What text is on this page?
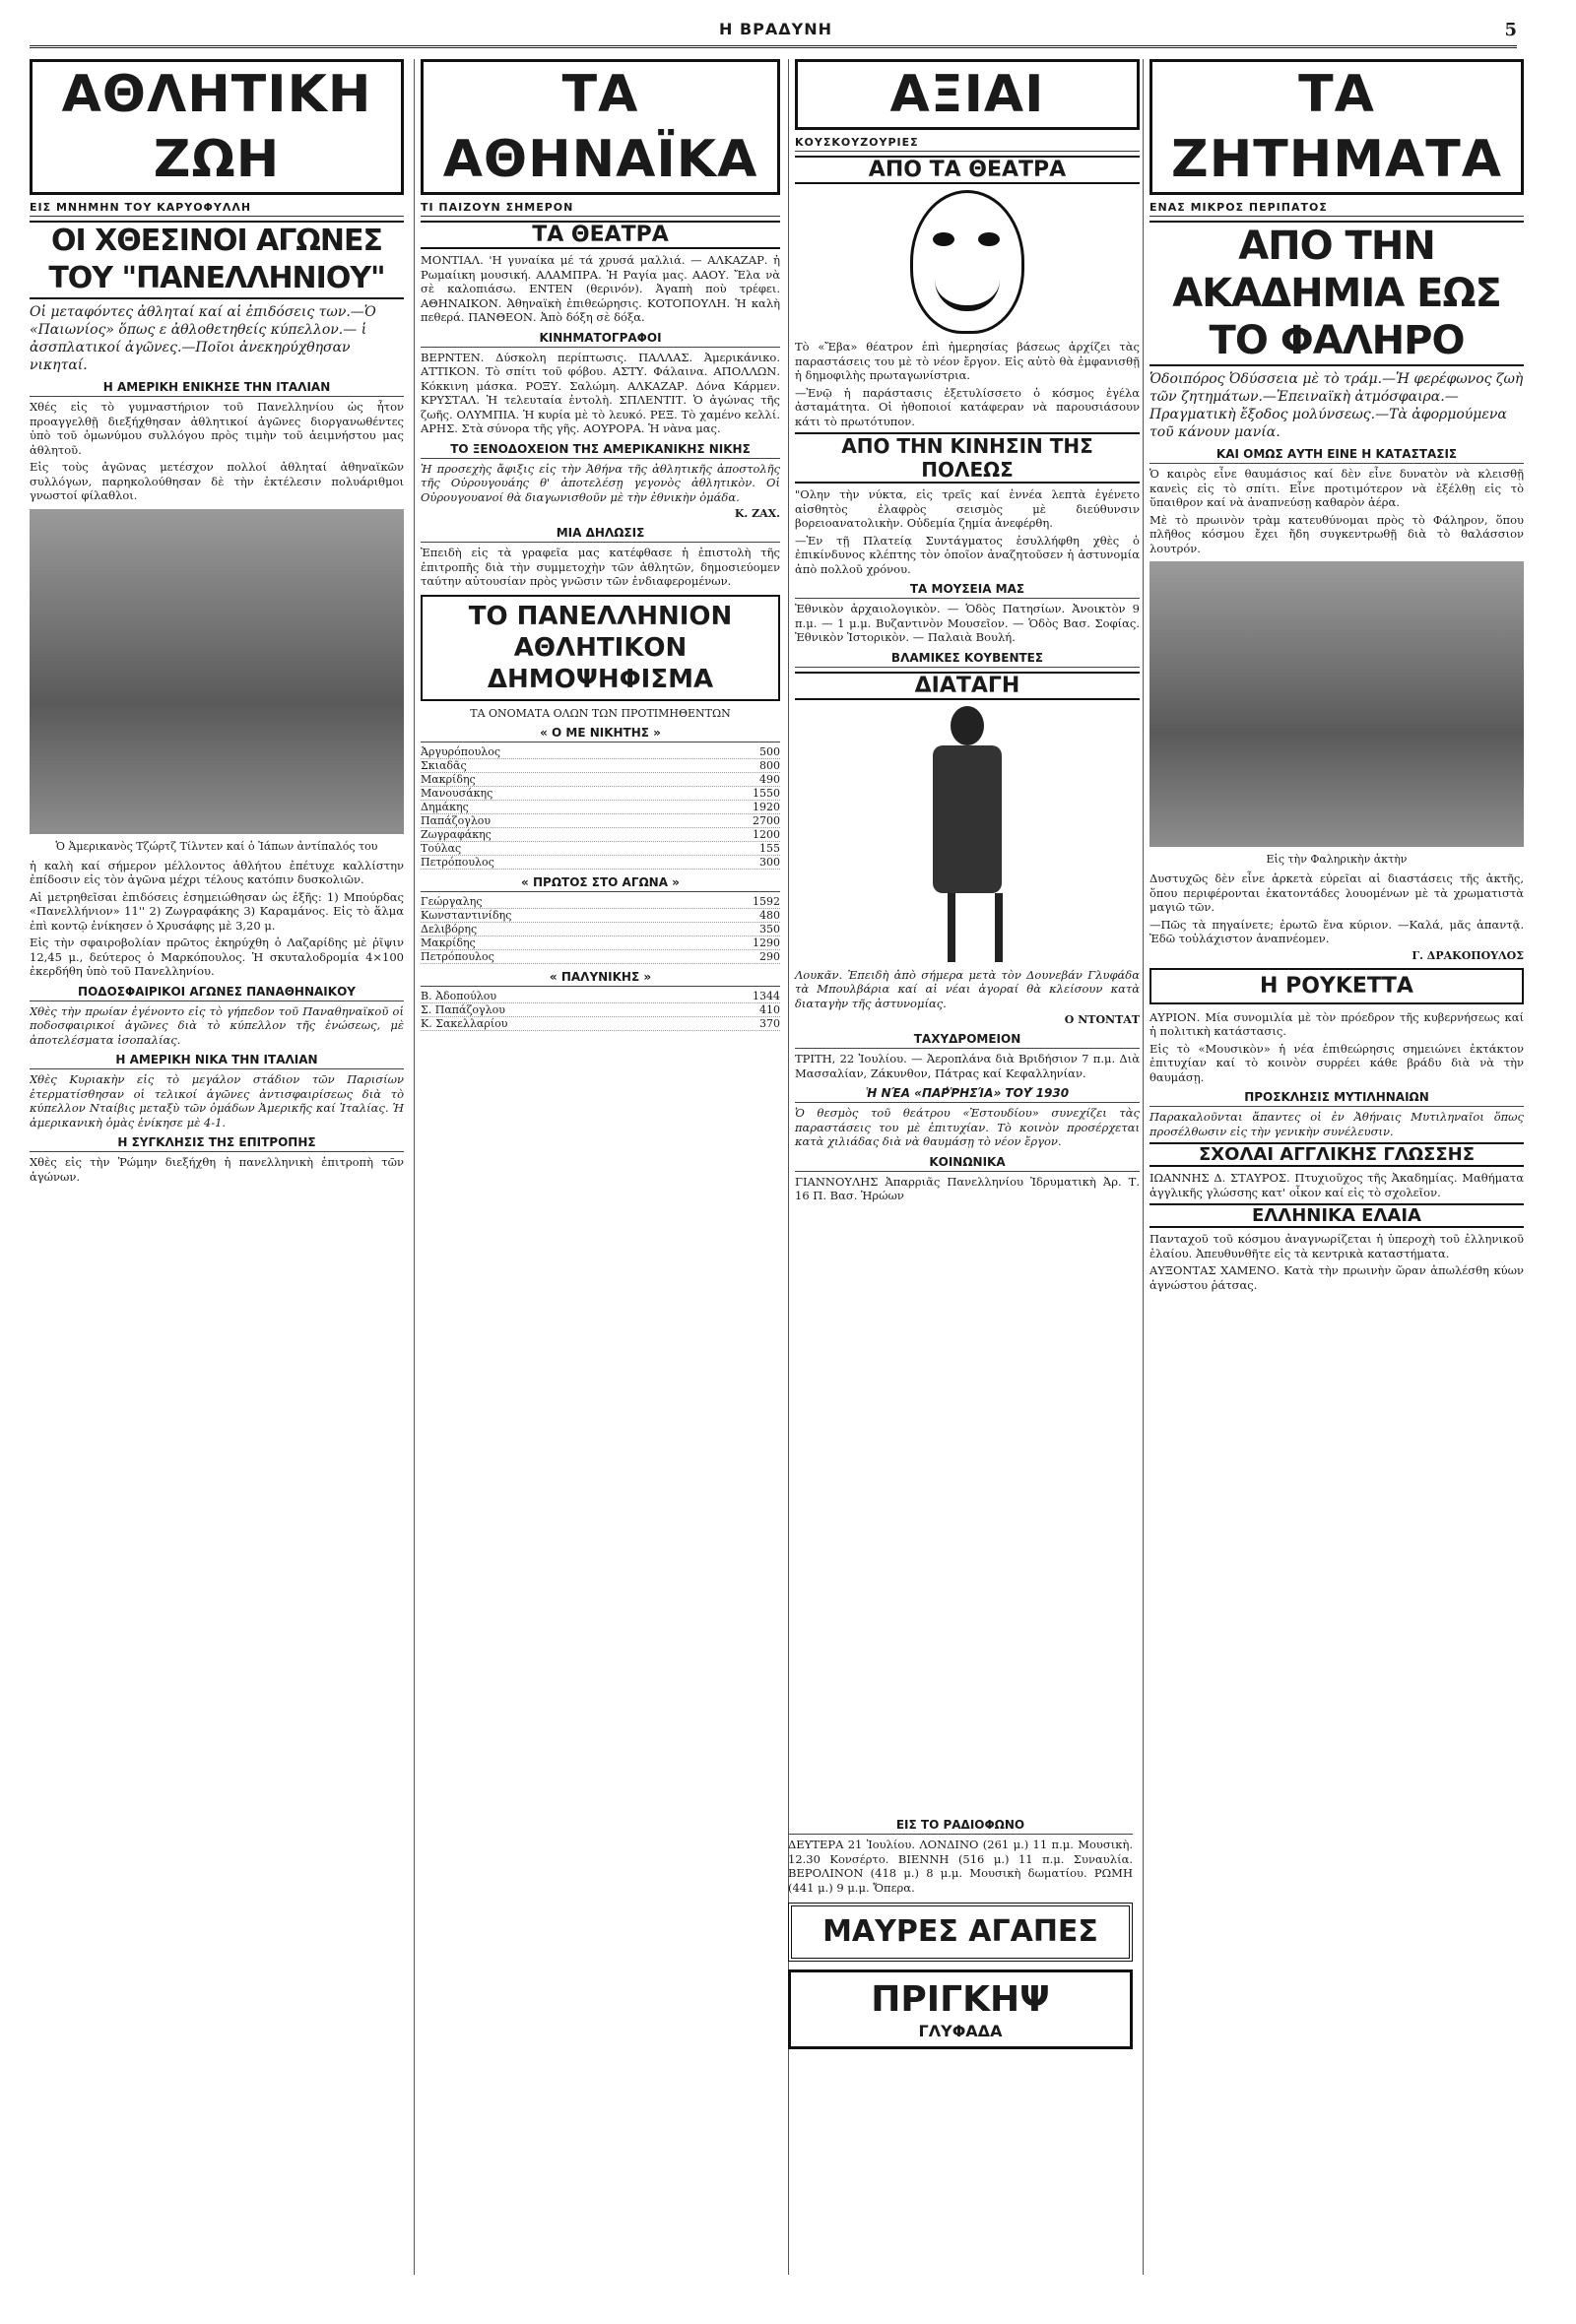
Η ΒΡΑΔΥΝΗ	5
ΑΘΛΗΤΙΚΗ ΖΩΗ
ΕΙΣ ΜΝΗΜΗΝ ΤΟΥ ΚΑΡΥΟΦΥΛΛΗ
ΟΙ ΧΘΕΣΙΝΟΙ ΑΓΩΝΕΣ ΤΟΥ "ΠΑΝΕΛΛΗΝΙΟΥ"
Οἱ μεταφόντες ἀθληταί καί αἱ ἐπιδόσεις των.—Ὁ «Παιωνίος» ὅπως ε ἀθλοθετηθείς κύπελλον.— ἱ ἀσσπλατικοί ἀγῶνες.—Ποῖοι ἀνεκηρύχθησαν νικηταί.
Η ΑΜΕΡΙΚΗ ΕΝΙΚΗΣΕ ΤΗΝ ΙΤΑΛΙΑΝ
Χθές εἰς τὸ γυμναστήριον τοῦ Πανελληνίου ὡς ἦτον προαγγελθῇ διεξήχθησαν ἀθλητικοί ἀγῶνες διοργανωθέντες ὑπὸ τοῦ ὁμωνύμου συλλόγου πρὸς τιμὴν τοῦ ἀειμνήστου μας ἀθλητοῦ.
Εἰς τοὺς ἀγῶνας μετέσχον πολλοί ἀθληταί ἀθηναϊκῶν συλλόγων, παρηκολούθησαν δὲ τὴν ἐκτέλεσιν πολυάριθμοι γνωστοί φίλαθλοι.
Ὁ Ἀμερικανὸς Τζώρτζ Τίλντεν καί ὁ Ἰάπων ἀντίπαλός του
ἡ καλὴ καί σήμερον μέλλοντος ἀθλήτου ἐπέτυχε καλλίστην ἐπίδοσιν εἰς τὸν ἀγῶνα μέχρι τέλους κατόπιν δυσκολιῶν.
Αἱ μετρηθεῖσαι ἐπιδόσεις ἐσημειώθησαν ὡς ἑξῆς: 1) Μπούρδας «Πανελλήνιον» 11'' 2) Ζωγραφάκης 3) Καραμάνος. Εἰς τὸ ἅλμα ἐπὶ κοντῷ ἐνίκησεν ὁ Χρυσάφης μὲ 3,20 μ.
Εἰς τὴν σφαιροβολίαν πρῶτος ἐκηρύχθη ὁ Λαζαρίδης μὲ ῥῖψιν 12,45 μ., δεύτερος ὁ Μαρκόπουλος. Ἡ σκυταλοδρομία 4×100 ἐκερδήθη ὑπὸ τοῦ Πανελληνίου.
ΠΟΔΟΣΦΑΙΡΙΚΟΙ ΑΓΩΝΕΣ ΠΑΝΑΘΗΝΑΙΚΟΥ
Χθὲς τὴν πρωίαν ἐγένοντο εἰς τὸ γήπεδον τοῦ Παναθηναϊκοῦ οἱ ποδοσφαιρικοί ἀγῶνες διὰ τὸ κύπελλον τῆς ἑνώσεως, μὲ ἀποτελέσματα ἰσοπαλίας.
Η ΑΜΕΡΙΚΗ ΝΙΚΑ ΤΗΝ ΙΤΑΛΙΑΝ
Χθὲς Κυριακὴν εἰς τὸ μεγάλον στάδιον τῶν Παρισίων ἐτερματίσθησαν οἱ τελικοί ἀγῶνες ἀντισφαιρίσεως διὰ τὸ κύπελλον Νταίβις μεταξὺ τῶν ὁμάδων Ἀμερικῆς καί Ἰταλίας. Ἡ ἀμερικανικὴ ὁμὰς ἐνίκησε μὲ 4-1.
Η ΣΥΓΚΛΗΣΙΣ ΤΗΣ ΕΠΙΤΡΟΠΗΣ
Χθὲς εἰς τὴν Ῥώμην διεξήχθη ἡ πανελληνικὴ ἐπιτροπὴ τῶν ἀγώνων.
ΤΑ ΑΘΗΝΑΪΚΑ
ΤΙ ΠΑΙΖΟΥΝ ΣΗΜΕΡΟΝ
ΤΑ ΘΕΑΤΡΑ
ΜΟΝΤΙΑΛ. 'Η γυναίκα μέ τά χρυσά μαλλιά. — ΑΛΚΑΖΑΡ. ἡ Ρωμαίικη μουσική. ΑΛΑΜΠΡΑ. Ἡ Ραγία μας. ΑΑΟΥ. Ἔλα νὰ σὲ καλοπιάσω. ΕΝΤΕΝ (θερινόν). Ἀγαπὴ ποὺ τρέφει. ΑΘΗΝΑΙΚΟΝ. Ἀθηναϊκὴ ἐπιθεώρησις. ΚΟΤΟΠΟΥΛΗ. Ἡ καλὴ πεθερά. ΠΑΝΘΕΟΝ. Ἀπὸ δόξη σὲ δόξα.
ΚΙΝΗΜΑΤΟΓΡΑΦΟΙ
ΒΕΡΝΤΕΝ. Δύσκολη περίπτωσις. ΠΑΛΛΑΣ. Ἀμερικάνικο. ΑΤΤΙΚΟΝ. Τὸ σπίτι τοῦ φόβου. ΑΣΤΥ. Φάλαινα. ΑΠΟΛΛΩΝ. Κόκκινη μάσκα. ΡΟΞΥ. Σαλώμη. ΑΛΚΑΖΑΡ. Δόνα Κάρμεν. ΚΡΥΣΤΑΛ. Ἡ τελευταία ἐντολὴ. ΣΠΛΕΝΤΙΤ. Ὁ ἀγώνας τῆς ζωῆς. ΟΛΥΜΠΙΑ. Ἡ κυρία μὲ τὸ λευκό. ΡΕΞ. Τὸ χαμένο κελλί. ΑΡΗΣ. Στὰ σύνορα τῆς γῆς. ΑΟΥΡΟΡΑ. Ἡ νὰνα μας.
ΤΟ ΞΕΝΟΔΟΧΕΙΟΝ ΤΗΣ ΑΜΕΡΙΚΑΝΙΚΗΣ ΝΙΚΗΣ
Ἡ προσεχὴς ἄφιξις εἰς τὴν Ἀθήνα τῆς ἀθλητικῆς ἀποστολῆς τῆς Οὐρουγουάης θ' ἀποτελέσῃ γεγονὸς ἀθλητικὸν. Οἱ Οὐρουγουανοί θὰ διαγωνισθοῦν μὲ τὴν ἐθνικὴν ὁμάδα.
Κ. ΖΑΧ.
ΜΙΑ ΔΗΛΩΣΙΣ
Ἐπειδὴ εἰς τὰ γραφεῖα μας κατέφθασε ἡ ἐπιστολὴ τῆς ἐπιτροπῆς διὰ τὴν συμμετοχὴν τῶν ἀθλητῶν, δημοσιεύομεν ταύτην αὐτουσίαν πρὸς γνῶσιν τῶν ἐνδιαφερομένων.
ΤΟ ΠΑΝΕΛΛΗΝΙΟΝ ΑΘΛΗΤΙΚΟΝ ΔΗΜΟΨΗΦΙΣΜΑ
ΤΑ ΟΝΟΜΑΤΑ ΟΛΩΝ ΤΩΝ ΠΡΟΤΙΜΗΘΕΝΤΩΝ
« Ο ΜΕ ΝΙΚΗΤΗΣ »
Ἀργυρόπουλος	500
Σκιαδᾶς	800
Μακρίδης	490
Μανουσάκης	1550
Δημάκης	1920
Παπάζογλου	2700
Ζωγραφάκης	1200
Τούλας	155
Πετρόπουλος	300
« ΠΡΩΤΟΣ ΣΤΟ ΑΓΩΝΑ »
Γεώργαλης	1592
Κωνσταντινίδης	480
Δελιβόρης	350
Μακρίδης	1290
Πετρόπουλος	290
« ΠΑΛΥΝΙΚΗΣ »
Β. Ἀδοπούλου	1344
Σ. Παπάζογλου	410
Κ. Σακελλαρίου	370
ΑΞΙΑΙ
ΚΟΥΣΚΟΥΖΟΥΡΙΕΣ
ΑΠΟ ΤΑ ΘΕΑΤΡΑ
Τὸ «Ἔβα» θέατρον ἐπὶ ἡμερησίας βάσεως ἀρχίζει τὰς παραστάσεις του μὲ τὸ νέον ἔργον. Εἰς αὐτὸ θὰ ἐμφανισθῇ ἡ δημοφιλὴς πρωταγωνίστρια.
—Ἐνῷ ἡ παράστασις ἐξετυλίσσετο ὁ κόσμος ἐγέλα ἀσταμάτητα. Οἱ ἠθοποιοί κατάφεραν νὰ παρουσιάσουν κάτι τὸ πρωτότυπον.
ΑΠΟ ΤΗΝ ΚΙΝΗΣΙΝ ΤΗΣ ΠΟΛΕΩΣ
"Ολην τὴν νύκτα, εἰς τρεῖς καί ἐννέα λεπτὰ ἐγένετο αἰσθητὸς ἐλαφρὸς σεισμὸς μὲ διεύθυνσιν βορειοανατολικὴν. Οὐδεμία ζημία ἀνεφέρθη.
—Ἐν τῇ Πλατείᾳ Συντάγματος ἐσυλλήφθη χθὲς ὁ ἐπικίνδυνος κλέπτης τὸν ὁποῖον ἀναζητοῦσεν ἡ ἀστυνομία ἀπὸ πολλοῦ χρόνου.
ΤΑ ΜΟΥΣΕΙΑ ΜΑΣ
Ἐθνικὸν ἀρχαιολογικὸν. — Ὁδὸς Πατησίων. Ἀνοικτὸν 9 π.μ. — 1 μ.μ. Βυζαντινὸν Μουσεῖον. — Ὁδὸς Βασ. Σοφίας. Ἐθνικὸν Ἱστορικὸν. — Παλαιὰ Βουλή.
ΒΛΑΜΙΚΕΣ ΚΟΥΒΕΝΤΕΣ
ΔΙΑΤΑΓΗ
Λουκᾶν. Ἐπειδὴ ἀπὸ σήμερα μετὰ τὸν Δουνεβάν Γλυφάδα τὰ Μπουλβάρια καί αἱ νέαι ἀγοραί θὰ κλείσουν κατὰ διαταγὴν τῆς ἀστυνομίας.
Ο ΝΤΟΝΤΑΤ
ΤΑΧΥΔΡΟΜΕΙΟΝ
ΤΡΙΤΗ, 22 Ἰουλίου. — Ἀεροπλάνα διὰ Βριδήσιον 7 π.μ. Διὰ Μασσαλίαν, Ζάκυνθον, Πάτρας καί Κεφαλληνίαν.
Ἡ ΝΈΑ «ΠΑΡ̓ῬΗΣΊΑ» ΤΟΥ͂ 1930
Ὁ θεσμὸς τοῦ θεάτρου «Ἐστουδίου» συνεχίζει τὰς παραστάσεις του μὲ ἐπιτυχίαν. Τὸ κοινὸν προσέρχεται κατὰ χιλιάδας διὰ νὰ θαυμάσῃ τὸ νέον ἔργον.
ΚΟΙΝΩΝΙΚΑ
ΓΙΑΝΝΟΥΛΗΣ Ἀπαρριᾶς Πανελληνίου Ἰδρυματικὴ Ἀρ. Τ. 16 Π. Βασ. Ἡρώων
ΤΑ ΖΗΤΗΜΑΤΑ
ΕΝΑΣ ΜΙΚΡΟΣ ΠΕΡΙΠΑΤΟΣ
ΑΠΟ ΤΗΝ ΑΚΑΔΗΜΙΑ ΕΩΣ ΤΟ ΦΑΛΗΡΟ
Ὁδοιπόρος Ὀδύσσεια μὲ τὸ τράμ.—Ἡ φερέφωνος ζωὴ τῶν ζητημάτων.—Ἐπειναϊκὴ ἀτμόσφαιρα.—Πραγματικὴ ἔξοδος μολύνσεως.—Τὰ ἀφορμούμενα τοῦ κάνουν μανία.
ΚΑΙ ΟΜΩΣ ΑΥΤΗ ΕΙΝΕ Η ΚΑΤΑΣΤΑΣΙΣ
Ὁ καιρὸς εἶνε θαυμάσιος καί δὲν εἶνε δυνατὸν νὰ κλεισθῇ κανεὶς εἰς τὸ σπίτι. Εἶνε προτιμότερον νὰ ἐξέλθῃ εἰς τὸ ὕπαιθρον καί νὰ ἀναπνεύσῃ καθαρὸν ἀέρα.
Μὲ τὸ πρωινὸν τρὰμ κατευθύνομαι πρὸς τὸ Φάληρον, ὅπου πλῆθος κόσμου ἔχει ἤδη συγκεντρωθῇ διὰ τὸ θαλάσσιον λουτρόν.
Εἰς τὴν Φαληρικὴν ἀκτὴν
Δυστυχῶς δὲν εἶνε ἀρκετὰ εὐρεῖαι αἱ διαστάσεις τῆς ἀκτῆς, ὅπου περιφέρονται ἑκατοντάδες λουομένων μὲ τὰ χρωματιστὰ μαγιῶ τῶν.
—Πῶς τὰ πηγαίνετε; ἐρωτῶ ἕνα κύριον. —Καλά, μᾶς ἀπαντᾷ. Ἐδῶ τοὐλάχιστον ἀναπνέομεν.
Γ. ΔΡΑΚΟΠΟΥΛΟΣ
Η ΡΟΥΚΕΤΤΑ
ΑΥΡΙΟΝ. Μία συνομιλία μὲ τὸν πρόεδρον τῆς κυβερνήσεως καί ἡ πολιτικὴ κατάστασις.
Εἰς τὸ «Μουσικὸν» ἡ νέα ἐπιθεώρησις σημειώνει ἐκτάκτον ἐπιτυχίαν καί τὸ κοινὸν συρρέει κάθε βράδυ διὰ νὰ τὴν θαυμάσῃ.
ΠΡΟΣΚΛΗΣΙΣ ΜΥΤΙΛΗΝΑΙΩΝ
Παρακαλοῦνται ἅπαντες οἱ ἐν Ἀθήναις Μυτιληναῖοι ὅπως προσέλθωσιν εἰς τὴν γενικὴν συνέλευσιν.
ΣΧΟΛΑΙ ΑΓΓΛΙΚΗΣ ΓΛΩΣΣΗΣ
ΙΩΑΝΝΗΣ Δ. ΣΤΑΥΡΟΣ. Πτυχιοῦχος τῆς Ἀκαδημίας. Μαθήματα ἀγγλικῆς γλώσσης κατ' οἶκον καί εἰς τὸ σχολεῖον.
ΕΛΛΗΝΙΚΑ ΕΛΑΙΑ
Πανταχοῦ τοῦ κόσμου ἀναγνωρίζεται ἡ ὑπεροχὴ τοῦ ἐλληνικοῦ ἐλαίου. Ἀπευθυνθῆτε εἰς τὰ κεντρικὰ καταστήματα.
ΑΥΞΟΝΤΑΣ ΧΑΜΕΝΟ. Κατὰ τὴν πρωινὴν ὥραν ἀπωλέσθη κύων ἀγνώστου ῥάτσας.
ΕΙΣ ΤΟ ΡΑΔΙΟΦΩΝΟ
ΔΕΥΤΕΡΑ 21 Ἰουλίου. ΛΟΝΔΙΝΟ (261 μ.) 11 π.μ. Μουσικὴ. 12.30 Κονσέρτο. ΒΙΕΝΝΗ (516 μ.) 11 π.μ. Συναυλία. ΒΕΡΟΛΙΝΟΝ (418 μ.) 8 μ.μ. Μουσικὴ δωματίου. ΡΩΜΗ (441 μ.) 9 μ.μ. Ὄπερα.
ΜΑΥΡΕΣ ΑΓΑΠΕΣ
ΠΡΙΓΚΗΨ
ΓΛΥΦΑΔΑ
